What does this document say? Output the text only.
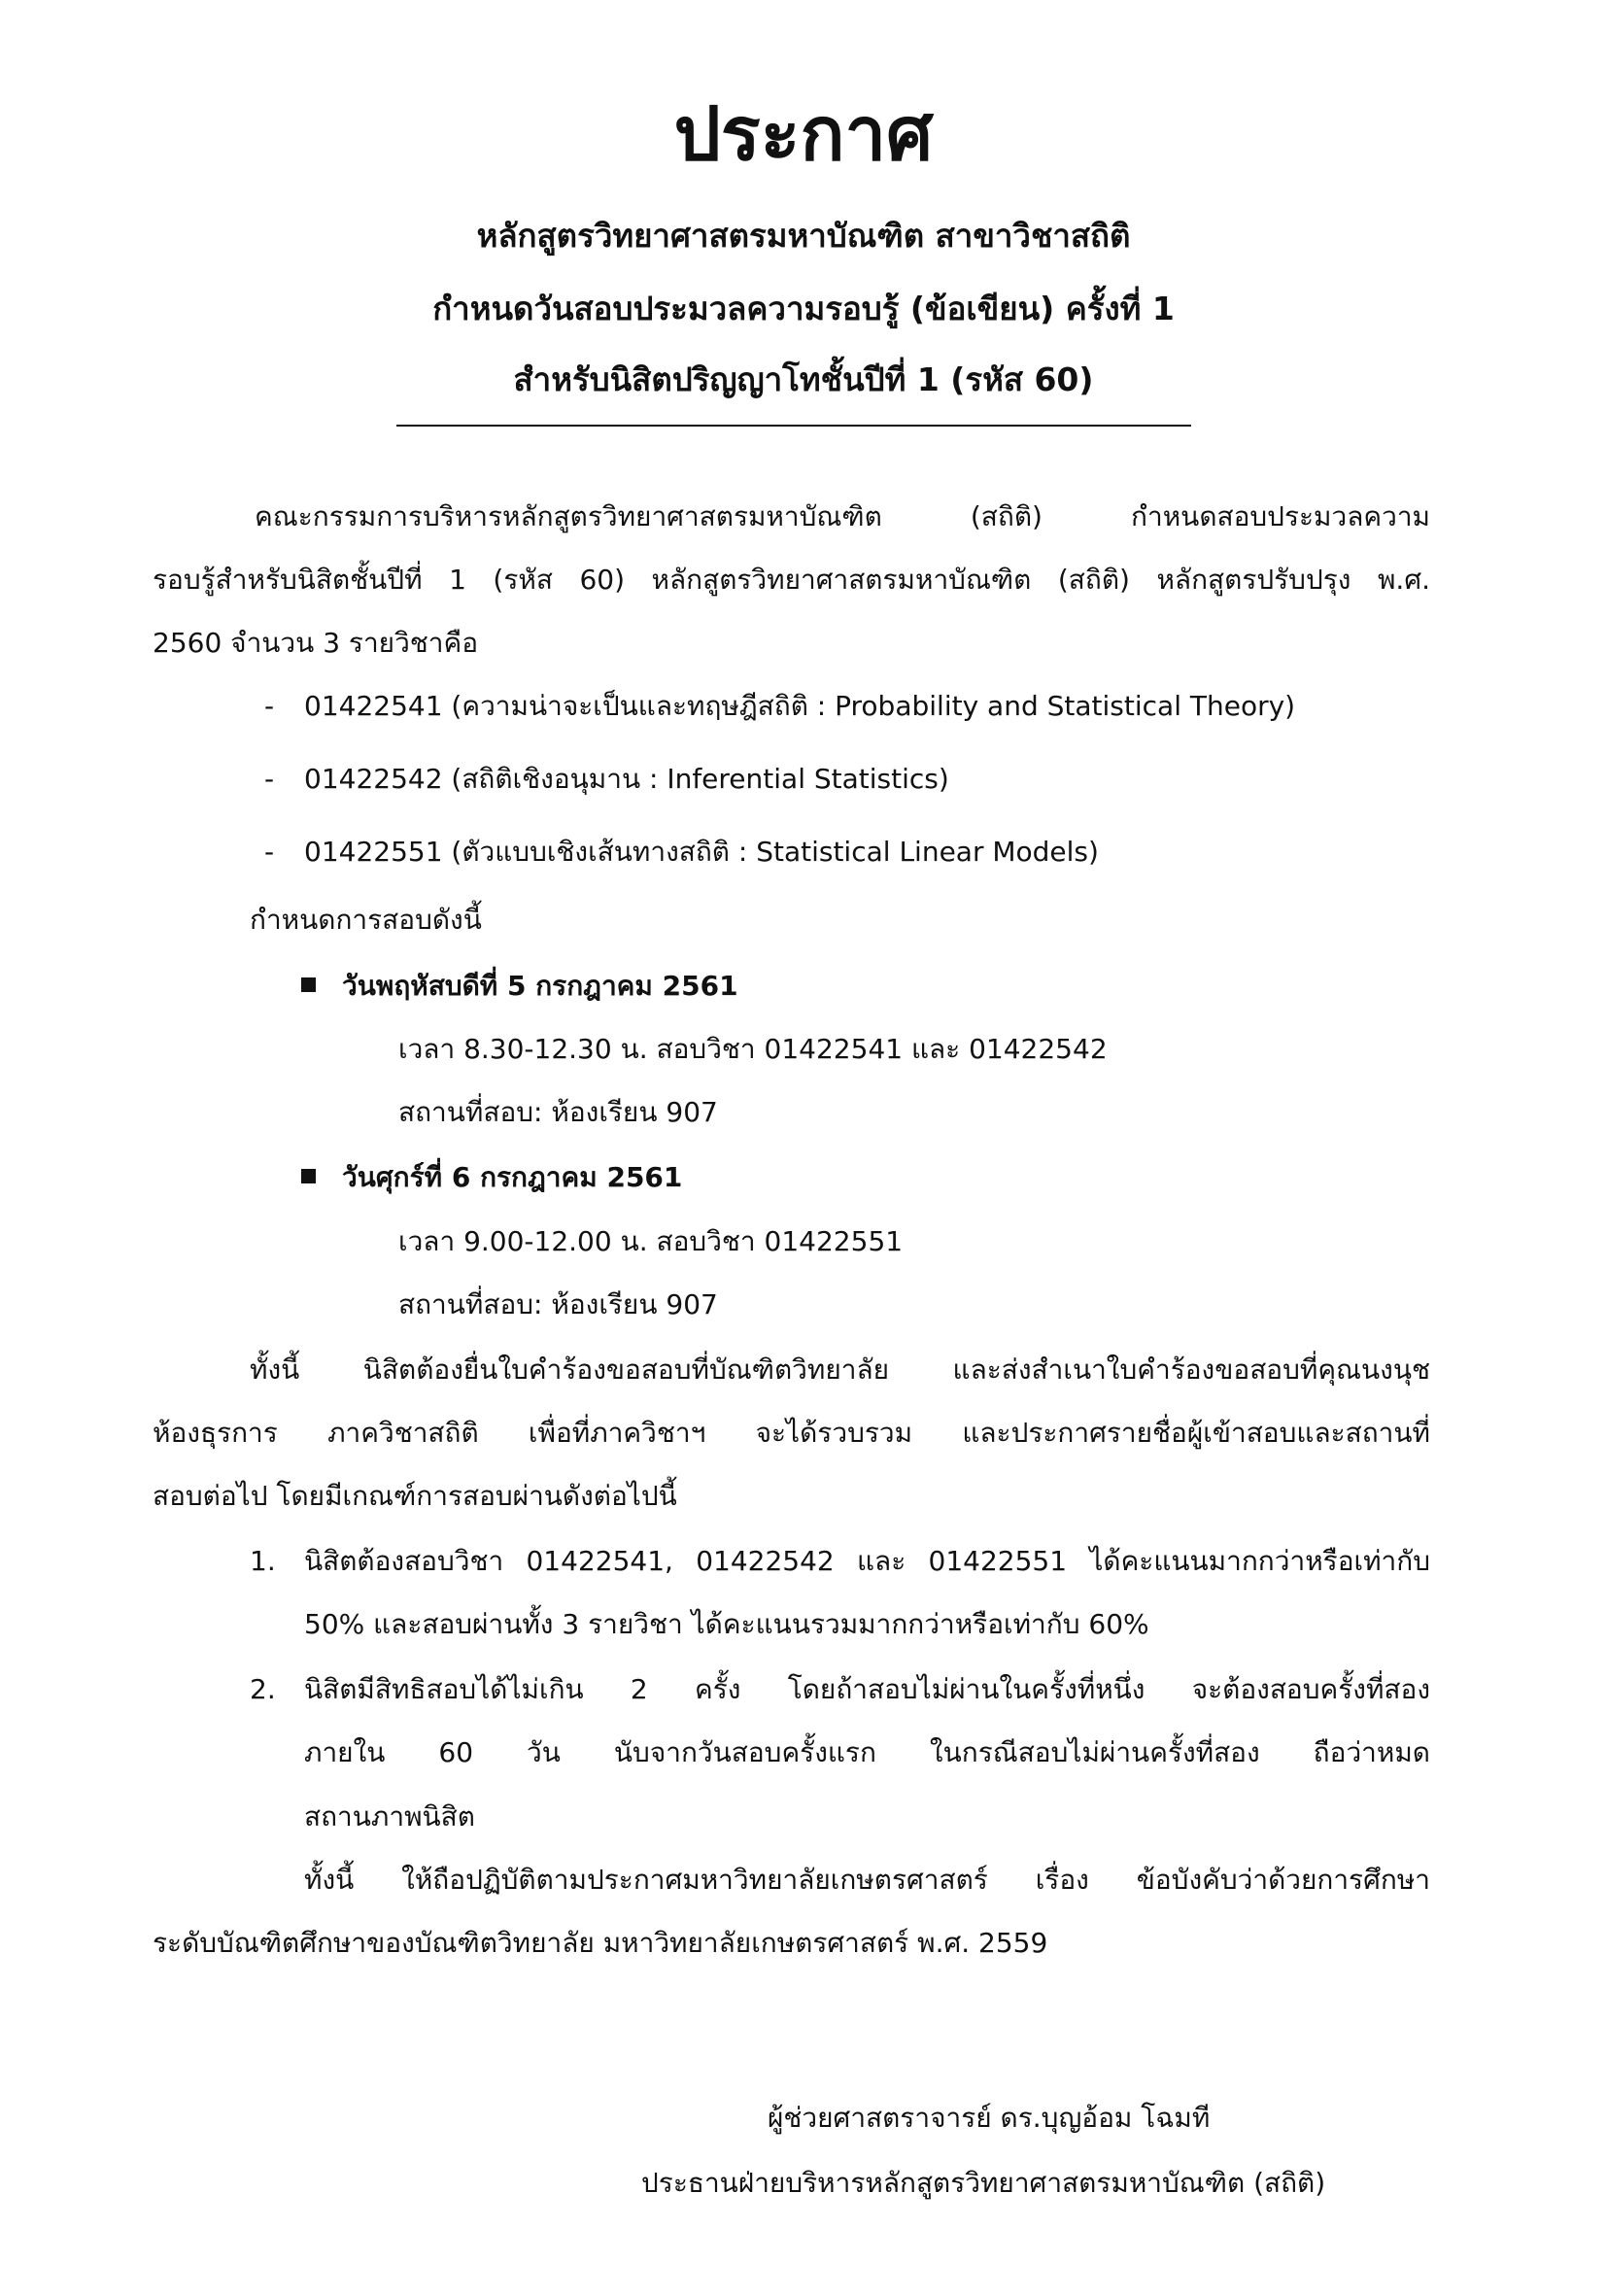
ประกาศ

หลักสูตรวิทยาศาสตรมหาบัณฑิต สาขาวิชาสถิติ

กำหนดวันสอบประมวลความรอบรู้ (ข้อเขียน) ครั้งที่ 1

สำหรับนิสิตปริญญาโทชั้นปีที่ 1 (รหัส 60)

คณะกรรมการบริหารหลักสูตรวิทยาศาสตรมหาบัณฑิต (สถิติ) กำหนดสอบประมวลความ

รอบรู้สำหรับนิสิตชั้นปีที่ 1 (รหัส 60) หลักสูตรวิทยาศาสตรมหาบัณฑิต (สถิติ) หลักสูตรปรับปรุง พ.ศ.

2560 จำนวน 3 รายวิชาคือ

- 01422541 (ความน่าจะเป็นและทฤษฎีสถิติ : Probability and Statistical Theory)

- 01422542 (สถิติเชิงอนุมาน : Inferential Statistics)

- 01422551 (ตัวแบบเชิงเส้นทางสถิติ : Statistical Linear Models)

กำหนดการสอบดังนี้

วันพฤหัสบดีที่ 5 กรกฎาคม 2561

เวลา 8.30-12.30 น. สอบวิชา 01422541 และ 01422542

สถานที่สอบ: ห้องเรียน 907

วันศุกร์ที่ 6 กรกฎาคม 2561

เวลา 9.00-12.00 น. สอบวิชา 01422551

สถานที่สอบ: ห้องเรียน 907

ทั้งนี้ นิสิตต้องยื่นใบคำร้องขอสอบที่บัณฑิตวิทยาลัย และส่งสำเนาใบคำร้องขอสอบที่คุณนงนุช

ห้องธุรการ ภาควิชาสถิติ เพื่อที่ภาควิชาฯ จะได้รวบรวม และประกาศรายชื่อผู้เข้าสอบและสถานที่

สอบต่อไป โดยมีเกณฑ์การสอบผ่านดังต่อไปนี้

1. นิสิตต้องสอบวิชา 01422541, 01422542 และ 01422551 ได้คะแนนมากกว่าหรือเท่ากับ

50% และสอบผ่านทั้ง 3 รายวิชา ได้คะแนนรวมมากกว่าหรือเท่ากับ 60%

2. นิสิตมีสิทธิสอบได้ไม่เกิน 2 ครั้ง โดยถ้าสอบไม่ผ่านในครั้งที่หนึ่ง จะต้องสอบครั้งที่สอง

ภายใน 60 วัน นับจากวันสอบครั้งแรก ในกรณีสอบไม่ผ่านครั้งที่สอง ถือว่าหมด

สถานภาพนิสิต

ทั้งนี้ ให้ถือปฏิบัติตามประกาศมหาวิทยาลัยเกษตรศาสตร์ เรื่อง ข้อบังคับว่าด้วยการศึกษา

ระดับบัณฑิตศึกษาของบัณฑิตวิทยาลัย มหาวิทยาลัยเกษตรศาสตร์ พ.ศ. 2559

ผู้ช่วยศาสตราจารย์ ดร.บุญอ้อม โฉมที

ประธานฝ่ายบริหารหลักสูตรวิทยาศาสตรมหาบัณฑิต (สถิติ)
